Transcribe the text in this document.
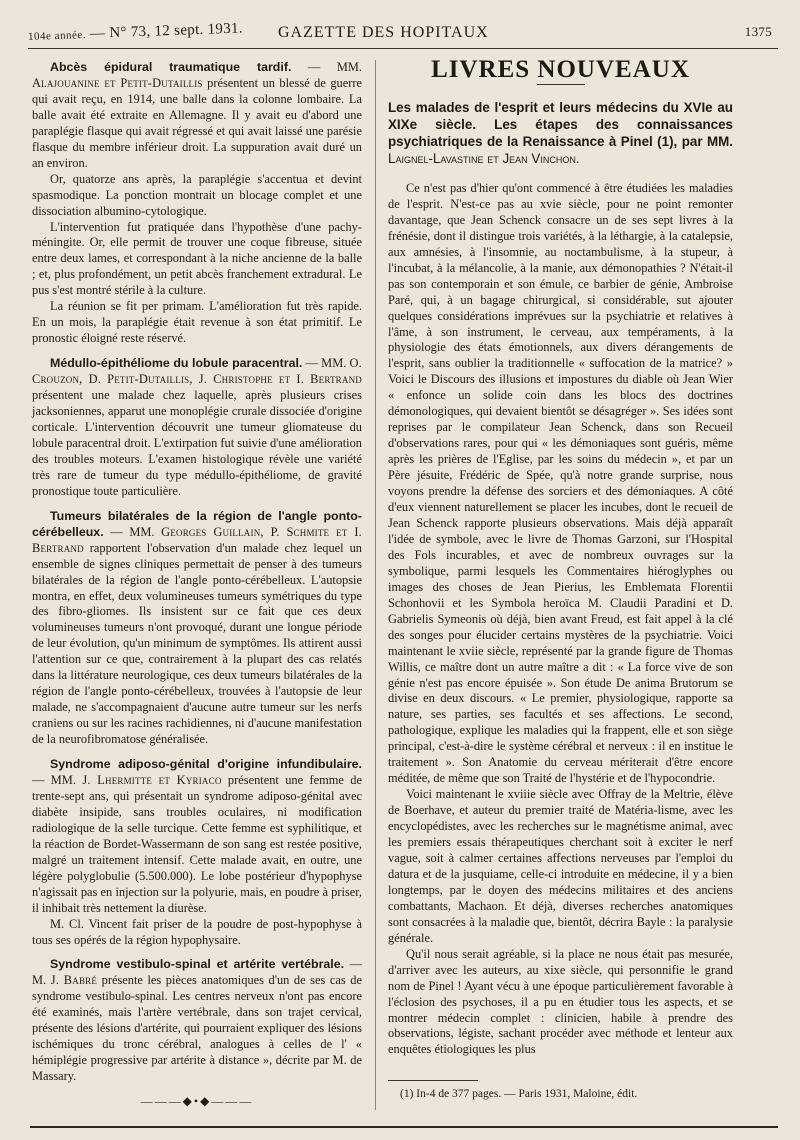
104e année. — N° 73, 12 sept. 1931. GAZETTE DES HOPITAUX	1375

Abcès épidural traumatique tardif. — MM. Alajouanine et Petit-Dutaillis présentent un blessé de guerre qui avait reçu, en 1914, une balle dans la colonne lombaire. La balle avait été extraite en Allemagne. Il y avait eu d'abord une paraplégie flasque qui avait régressé et qui avait laissé une parésie flasque du membre inférieur droit. La suppuration avait duré un an environ.

Or, quatorze ans après, la paraplégie s'accentua et devint spasmodique. La ponction montrait un blocage complet et une dissociation albumino-cytologique.

L'intervention fut pratiquée dans l'hypothèse d'une pachy-méningite. Or, elle permit de trouver une coque fibreuse, située entre deux lames, et correspondant à la niche ancienne de la balle ; et, plus profondément, un petit abcès franchement extradural. Le pus s'est montré stérile à la culture.

La réunion se fit per primam. L'amélioration fut très rapide. En un mois, la paraplégie était revenue à son état primitif. Le pronostic éloigné reste réservé.

Médullo-épithéliome du lobule paracentral. — MM. O. Crouzon, D. Petit-Dutaillis, J. Christophe et I. Bertrand présentent une malade chez laquelle, après plusieurs crises jacksoniennes, apparut une monoplégie crurale dissociée d'origine corticale. L'intervention découvrit une tumeur gliomateuse du lobule paracentral droit. L'extirpation fut suivie d'une amélioration des troubles moteurs. L'examen histologique révèle une variété très rare de tumeur du type médullo-épithéliome, de gravité pronostique toute particulière.

Tumeurs bilatérales de la région de l'angle ponto-cérébelleux. — MM. Georges Guillain, P. Schmite et I. Bertrand rapportent l'observation d'un malade chez lequel un ensemble de signes cliniques permettait de penser à des tumeurs bilatérales de la région de l'angle ponto-cérébelleux. L'autopsie montra, en effet, deux volumineuses tumeurs symétriques du type des fibro-gliomes. Ils insistent sur ce fait que ces deux volumineuses tumeurs n'ont provoqué, durant une longue période de leur évolution, qu'un minimum de symptômes. Ils attirent aussi l'attention sur ce que, contrairement à la plupart des cas relatés dans la littérature neurologique, ces deux tumeurs bilatérales de la région de l'angle ponto-cérébelleux, trouvées à l'autopsie de leur malade, ne s'accompagnaient d'aucune autre tumeur sur les nerfs craniens ou sur les racines rachidiennes, ni d'aucune manifestation de la neurofibromatose généralisée.

Syndrome adiposo-génital d'origine infundibulaire. — MM. J. Lhermitte et Kyriaco présentent une femme de trente-sept ans, qui présentait un syndrome adiposo-génital avec diabète insipide, sans troubles oculaires, ni modification radiologique de la selle turcique. Cette femme est syphilitique, et la réaction de Bordet-Wassermann de son sang est restée positive, malgré un traitement intensif. Cette malade avait, en outre, une légère polyglobulie (5.500.000). Le lobe postérieur d'hypophyse n'agissait pas en injection sur la polyurie, mais, en poudre à priser, il inhibait très nettement la diurèse.

M. Cl. Vincent fait priser de la poudre de post-hypophyse à tous ses opérés de la région hypophysaire.

Syndrome vestibulo-spinal et artérite vertébrale. — M. J. Babré présente les pièces anatomiques d'un de ses cas de syndrome vestibulo-spinal. Les centres nerveux n'ont pas encore été examinés, mais l'artère vertébrale, dans son trajet cervical, présente des lésions d'artérite, qui pourraient expliquer des lésions ischémiques du tronc cérébral, analogues à celles de l' « hémiplégie progressive par artérite à distance », décrite par M. de Massary.

———◆•◆———
LIVRES NOUVEAUX
Les malades de l'esprit et leurs médecins du XVIe au XIXe siècle. Les étapes des connaissances psychiatriques de la Renaissance à Pinel (1), par MM. Laignel-Lavastine et Jean Vinchon.

Ce n'est pas d'hier qu'ont commencé à être étudiées les maladies de l'esprit. N'est-ce pas au xvie siècle, pour ne point remonter davantage, que Jean Schenck consacre un de ses sept livres à la frénésie, dont il distingue trois variétés, à la léthargie, à la catalepsie, aux amnésies, à l'insomnie, au noctambulisme, à la stupeur, à l'incubat, à la mélancolie, à la manie, aux démonopathies ? N'était-il pas son contemporain et son émule, ce barbier de génie, Ambroise Paré, qui, à un bagage chirurgical, si considérable, sut ajouter quelques considérations imprévues sur la psychiatrie et relatives à l'âme, à son instrument, le cerveau, aux tempéraments, à la physiologie des états émotionnels, aux divers dérangements de l'esprit, sans oublier la traditionnelle « suffocation de la matrice? » Voici le Discours des illusions et impostures du diable où Jean Wier « enfonce un solide coin dans les blocs des doctrines démonologiques, qui devaient bientôt se désagréger ». Ses idées sont reprises par le compilateur Jean Schenck, dans son Recueil d'observations rares, pour qui « les démoniaques sont guéris, même après les prières de l'Eglise, par les soins du médecin », et par un Père jésuite, Frédéric de Spée, qu'à notre grande surprise, nous voyons prendre la défense des sorciers et des démoniaques. A côté d'eux viennent naturellement se placer les incubes, dont le recueil de Jean Schenck rapporte plusieurs observations. Mais déjà apparaît l'idée de symbole, avec le livre de Thomas Garzoni, sur l'Hospital des Fols incurables, et avec de nombreux ouvrages sur la symbolique, parmi lesquels les Commentaires hiéroglyphes ou images des choses de Jean Pierius, les Emblemata Florentii Schonhovii et les Symbola heroïca M. Claudii Paradini et D. Gabrielis Symeonis où déjà, bien avant Freud, est fait appel à la clé des songes pour élucider certains mystères de la psychiatrie. Voici maintenant le xviie siècle, représenté par la grande figure de Thomas Willis, ce maître dont un autre maître a dit : « La force vive de son génie n'est pas encore épuisée ». Son étude De anima Brutorum se divise en deux discours. « Le premier, physiologique, rapporte sa nature, ses parties, ses facultés et ses affections. Le second, pathologique, explique les maladies qui la frappent, elle et son siège principal, c'est-à-dire le système cérébral et nerveux : il en institue le traitement ». Son Anatomie du cerveau mériterait d'être encore méditée, de même que son Traité de l'hystérie et de l'hypocondrie.

Voici maintenant le xviiie siècle avec Offray de la Meltrie, élève de Boerhave, et auteur du premier traité de Matéria-lisme, avec les encyclopédistes, avec les recherches sur le magnétisme animal, avec les premiers essais thérapeutiques cherchant soit à exciter le nerf vague, soit à calmer certaines affections nerveuses par l'emploi du datura et de la jusquiame, celle-ci introduite en médecine, il y a bien longtemps, par le doyen des médecins militaires et des anciens combattants, Machaon. Et déjà, diverses recherches anatomiques sont consacrées à la maladie que, bientôt, décrira Bayle : la paralysie générale.

Qu'il nous serait agréable, si la place ne nous était pas mesurée, d'arriver avec les auteurs, au xixe siècle, qui personnifie le grand nom de Pinel ! Ayant vécu à une époque particulièrement favorable à l'éclosion des psychoses, il a pu en étudier tous les aspects, et se montrer médecin complet : clinicien, habile à prendre des observations, légiste, sachant procéder avec méthode et lenteur aux enquêtes étiologiques les plus

(1) In-4 de 377 pages. — Paris 1931, Maloine, édit.
